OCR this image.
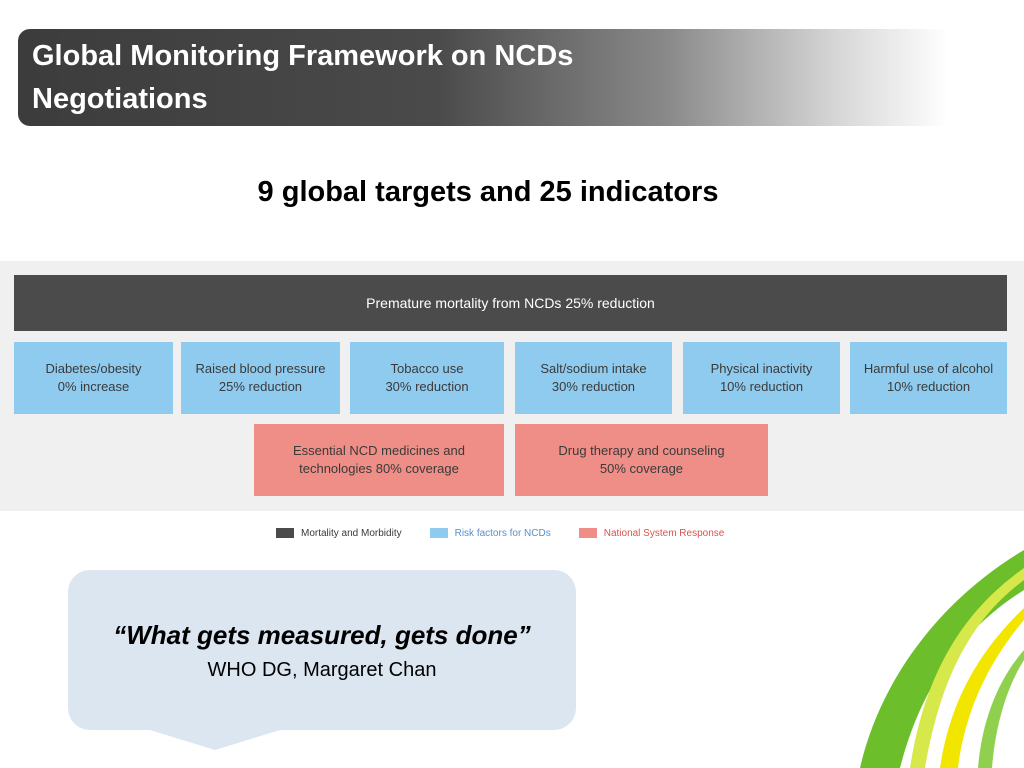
Global Monitoring Framework on NCDs
Negotiations
9 global targets and 25 indicators
Premature mortality from NCDs 25% reduction
Diabetes/obesity
0% increase
Raised blood pressure
25% reduction
Tobacco use
30% reduction
Salt/sodium intake
30% reduction
Physical inactivity
10% reduction
Harmful use of alcohol
10% reduction
Essential NCD medicines and
technologies 80% coverage
Drug therapy and counseling
50% coverage
Mortality and Morbidity	Risk factors for NCDs	National System Response
“What gets measured, gets done”
WHO DG, Margaret Chan
